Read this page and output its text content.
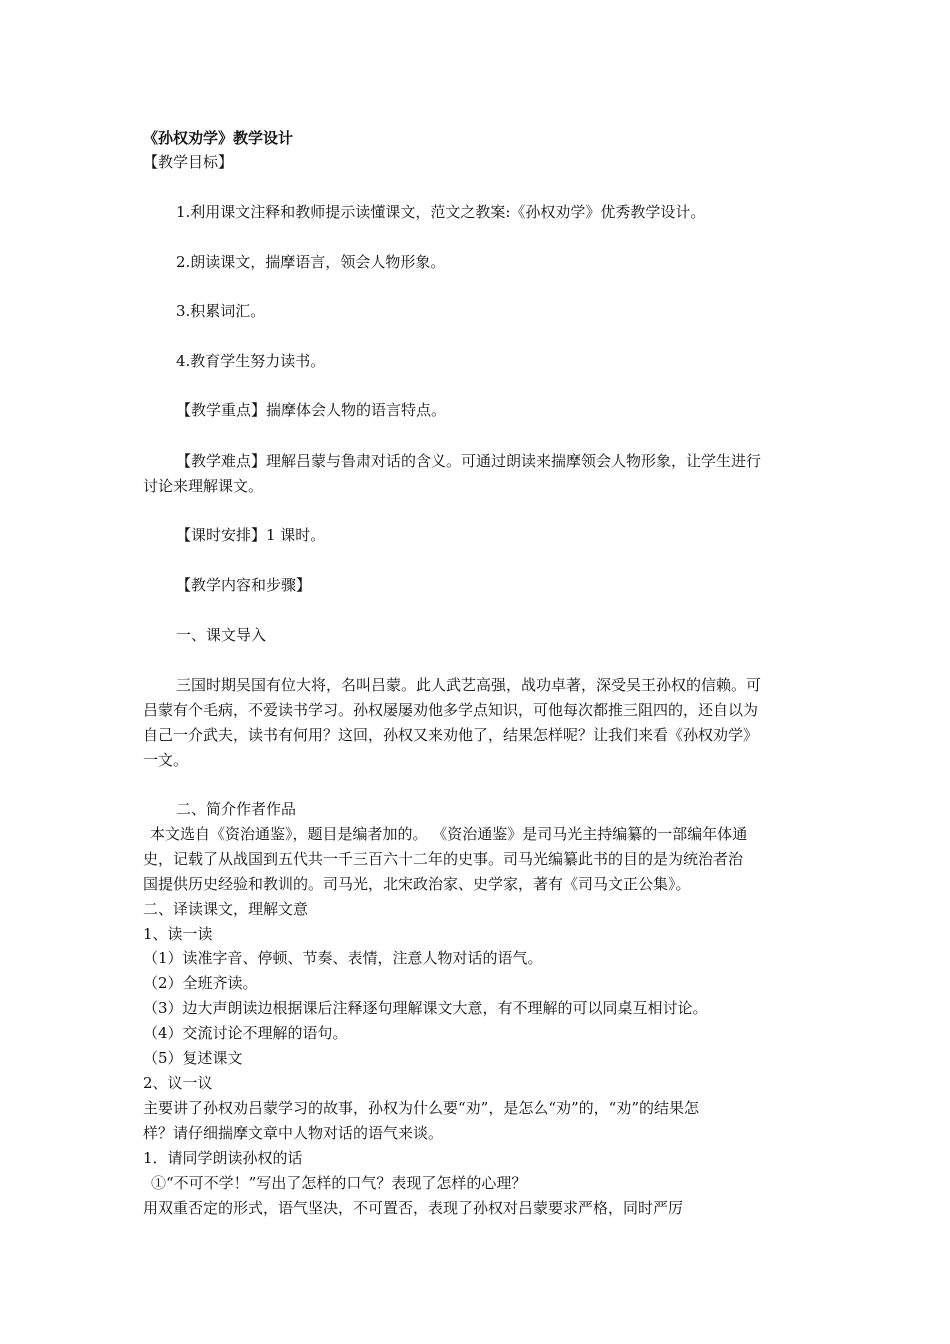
《孙权劝学》教学设计

【教学目标】

1.利用课文注释和教师提示读懂课文，范文之教案:《孙权劝学》优秀教学设计。

2.朗读课文，揣摩语言，领会人物形象。

3.积累词汇。

4.教育学生努力读书。

【教学重点】揣摩体会人物的语言特点。

【教学难点】理解吕蒙与鲁肃对话的含义。可通过朗读来揣摩领会人物形象，让学生进行

讨论来理解课文。

【课时安排】1 课时。

【教学内容和步骤】

一、课文导入

三国时期吴国有位大将，名叫吕蒙。此人武艺高强，战功卓著，深受吴王孙权的信赖。可

吕蒙有个毛病，不爱读书学习。孙权屡屡劝他多学点知识，可他每次都推三阻四的，还自以为

自己一介武夫，读书有何用？这回，孙权又来劝他了，结果怎样呢？让我们来看《孙权劝学》

一文。

二、简介作者作品

本文选自《资治通鉴》，题目是编者加的。 《资治通鉴》是司马光主持编纂的一部编年体通

史，记载了从战国到五代共一千三百六十二年的史事。司马光编纂此书的目的是为统治者治

国提供历史经验和教训的。司马光，北宋政治家、史学家，著有《司马文正公集》。

二、译读课文，理解文意

1、读一读

（1）读准字音、停顿、节奏、表情，注意人物对话的语气。

（2）全班齐读。

（3）边大声朗读边根据课后注释逐句理解课文大意，有不理解的可以同桌互相讨论。

（4）交流讨论不理解的语句。

（5）复述课文

2、议一议

主要讲了孙权劝吕蒙学习的故事，孙权为什么要“劝”，是怎么“劝”的，“劝”的结果怎

样？请仔细揣摩文章中人物对话的语气来谈。

1．请同学朗读孙权的话

①“不可不学！”写出了怎样的口气？表现了怎样的心理？

用双重否定的形式，语气坚决，不可置否，表现了孙权对吕蒙要求严格，同时严厉
